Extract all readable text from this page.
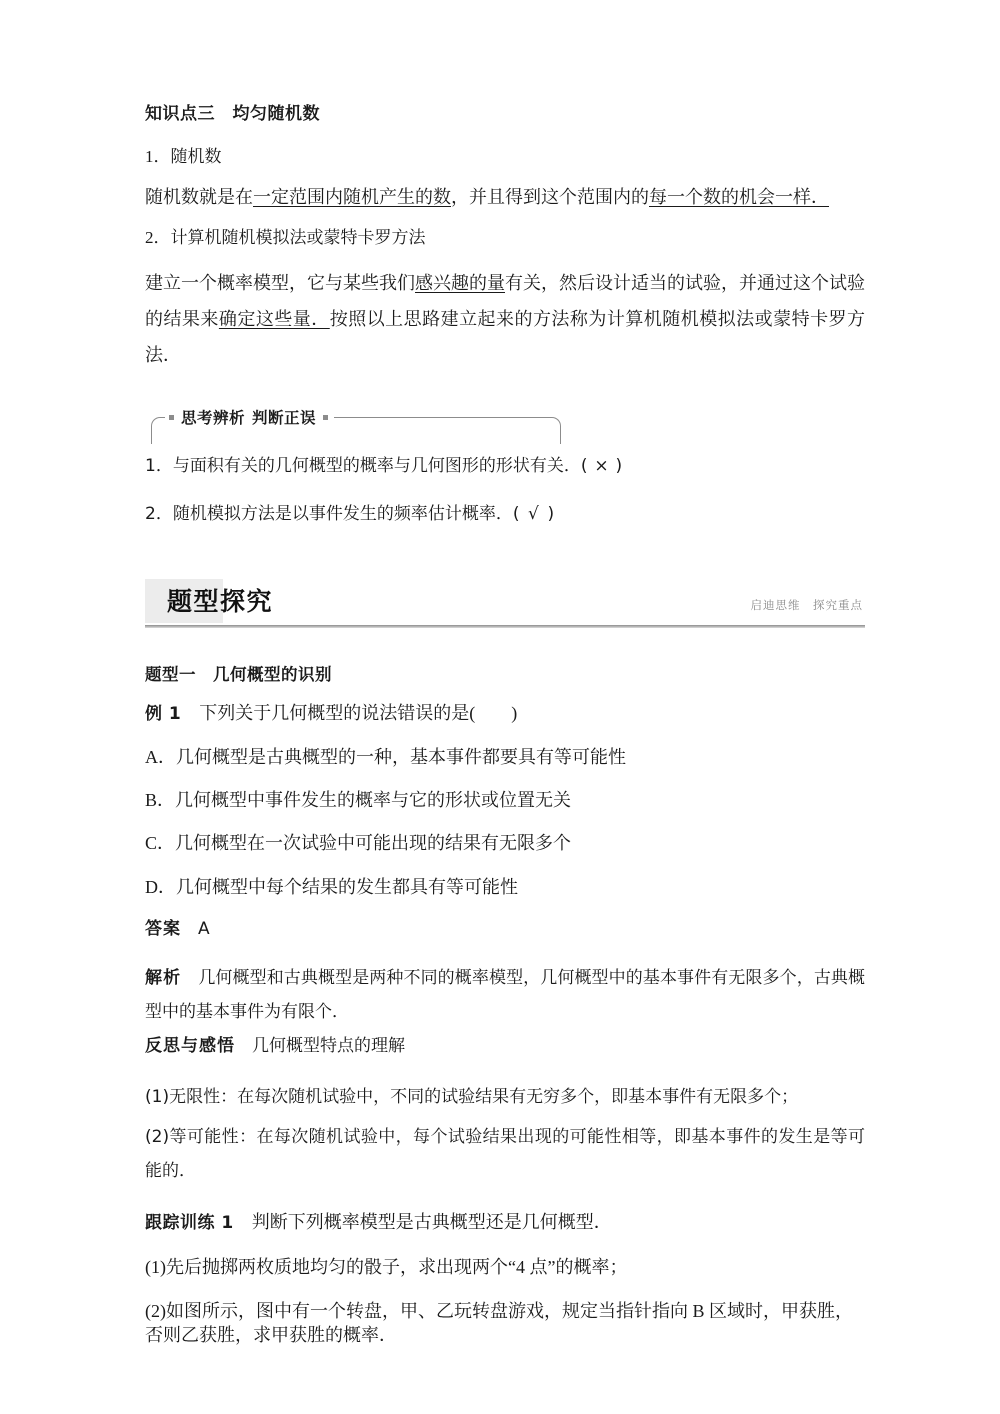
知识点三　均匀随机数

1．随机数

随机数就是在一定范围内随机产生的数，并且得到这个范围内的每一个数的机会一样．

2．计算机随机模拟法或蒙特卡罗方法

建立一个概率模型，它与某些我们感兴趣的量有关，然后设计适当的试验，并通过这个试验的结果来确定这些量．按照以上思路建立起来的方法称为计算机随机模拟法或蒙特卡罗方法．

思考辨析 判断正误

1．与面积有关的几何概型的概率与几何图形的形状有关．( × )

2．随机模拟方法是以事件发生的频率估计概率．( √ )

题型探究	启迪思维　探究重点

题型一　几何概型的识别

例 1　 下列关于几何概型的说法错误的是(　　)

A．几何概型是古典概型的一种，基本事件都要具有等可能性

B．几何概型中事件发生的概率与它的形状或位置无关

C．几何概型在一次试验中可能出现的结果有无限多个

D．几何概型中每个结果的发生都具有等可能性

答案　 A

解析　 几何概型和古典概型是两种不同的概率模型，几何概型中的基本事件有无限多个，古典概型中的基本事件为有限个．

反思与感悟　 几何概型特点的理解

(1)无限性：在每次随机试验中，不同的试验结果有无穷多个，即基本事件有无限多个；

(2)等可能性：在每次随机试验中，每个试验结果出现的可能性相等，即基本事件的发生是等可能的．

跟踪训练 1　 判断下列概率模型是古典概型还是几何概型．

(1)先后抛掷两枚质地均匀的骰子，求出现两个“4 点”的概率；

(2)如图所示，图中有一个转盘，甲、乙玩转盘游戏，规定当指针指向 B 区域时，甲获胜，否则乙获胜，求甲获胜的概率．
